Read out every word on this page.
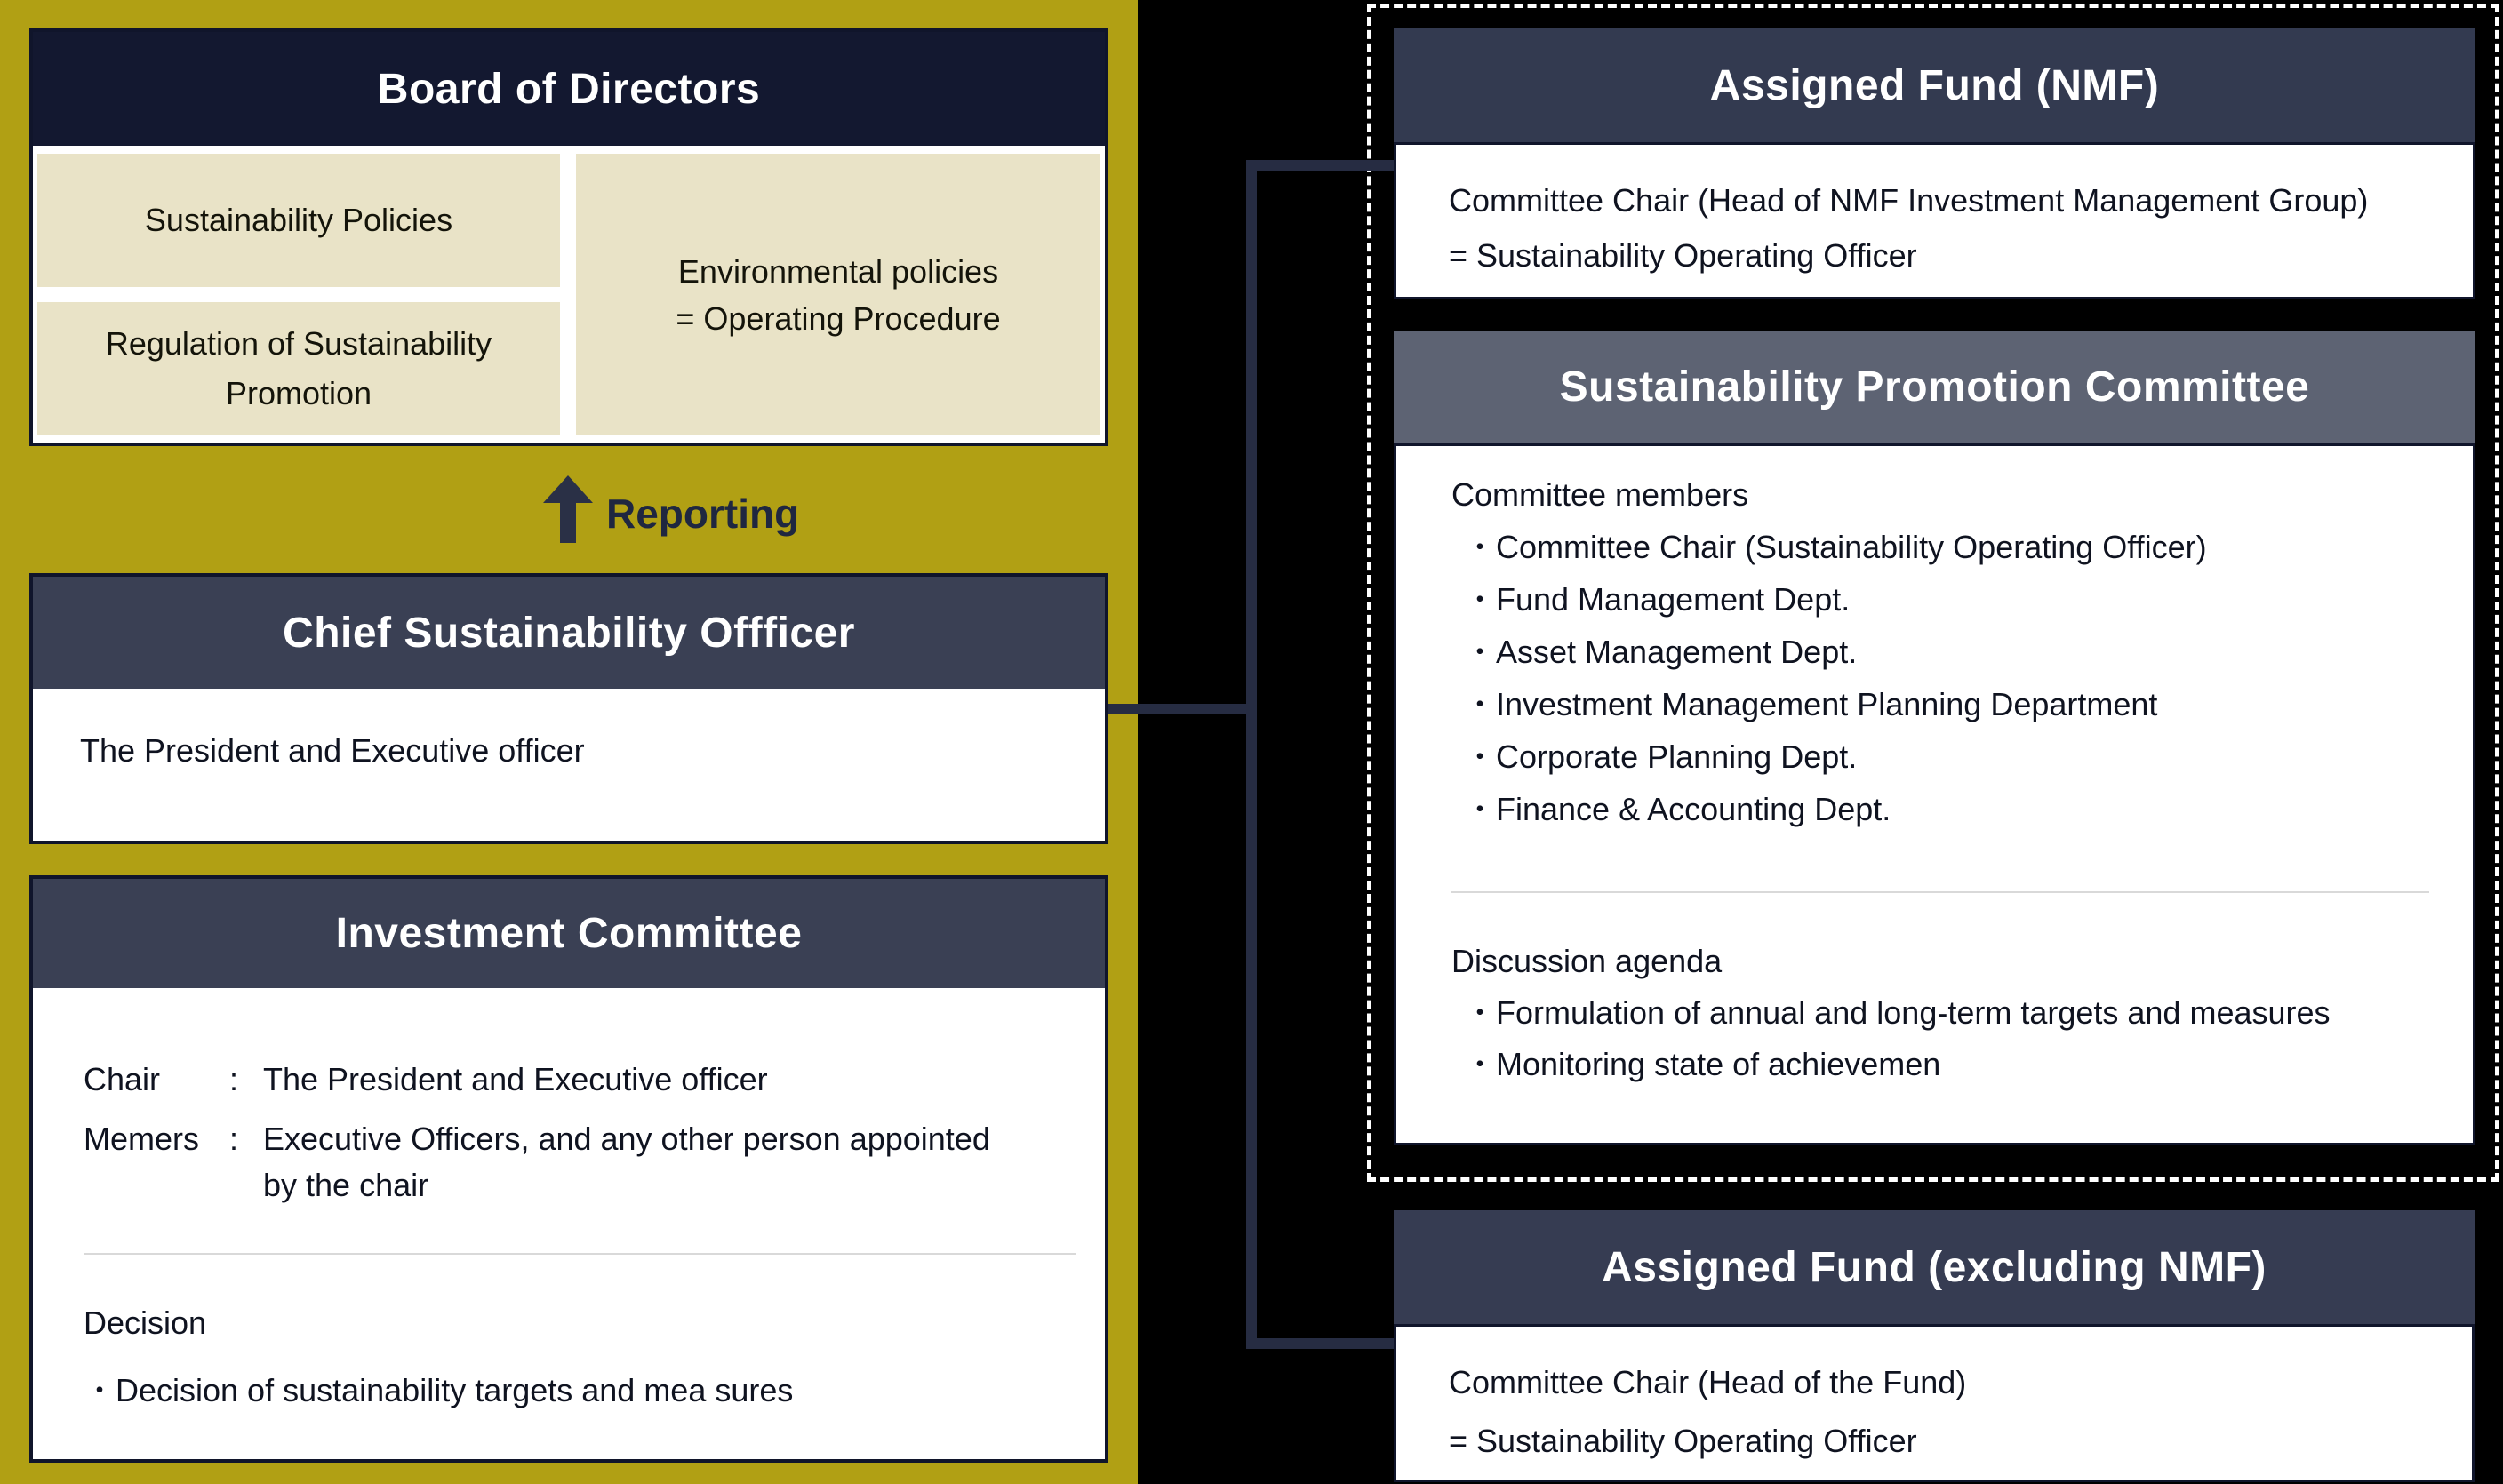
Board of Directors
Sustainability Policies
Regulation of Sustainability
Promotion
Environmental policies
= Operating Procedure
Reporting
Chief Sustainability Offficer
The President and Executive officer
Investment Committee
Chair	: The President and Executive officer
Memers : Executive Officers, and any other person appointed
by the chair
Decision
・Decision of sustainability targets and mea sures
Assigned Fund (NMF)
Committee Chair (Head of NMF Investment Management Group)
= Sustainability Operating Officer
Sustainability Promotion Committee
Committee members
・Committee Chair (Sustainability Operating Officer)
・Fund Management Dept.
・Asset Management Dept.
・Investment Management Planning Department
・Corporate Planning Dept.
・Finance & Accounting Dept.
Discussion agenda
・Formulation of annual and long-term targets and measures
・Monitoring state of achievemen
Assigned Fund (excluding NMF)
Committee Chair (Head of the Fund)
= Sustainability Operating Officer
